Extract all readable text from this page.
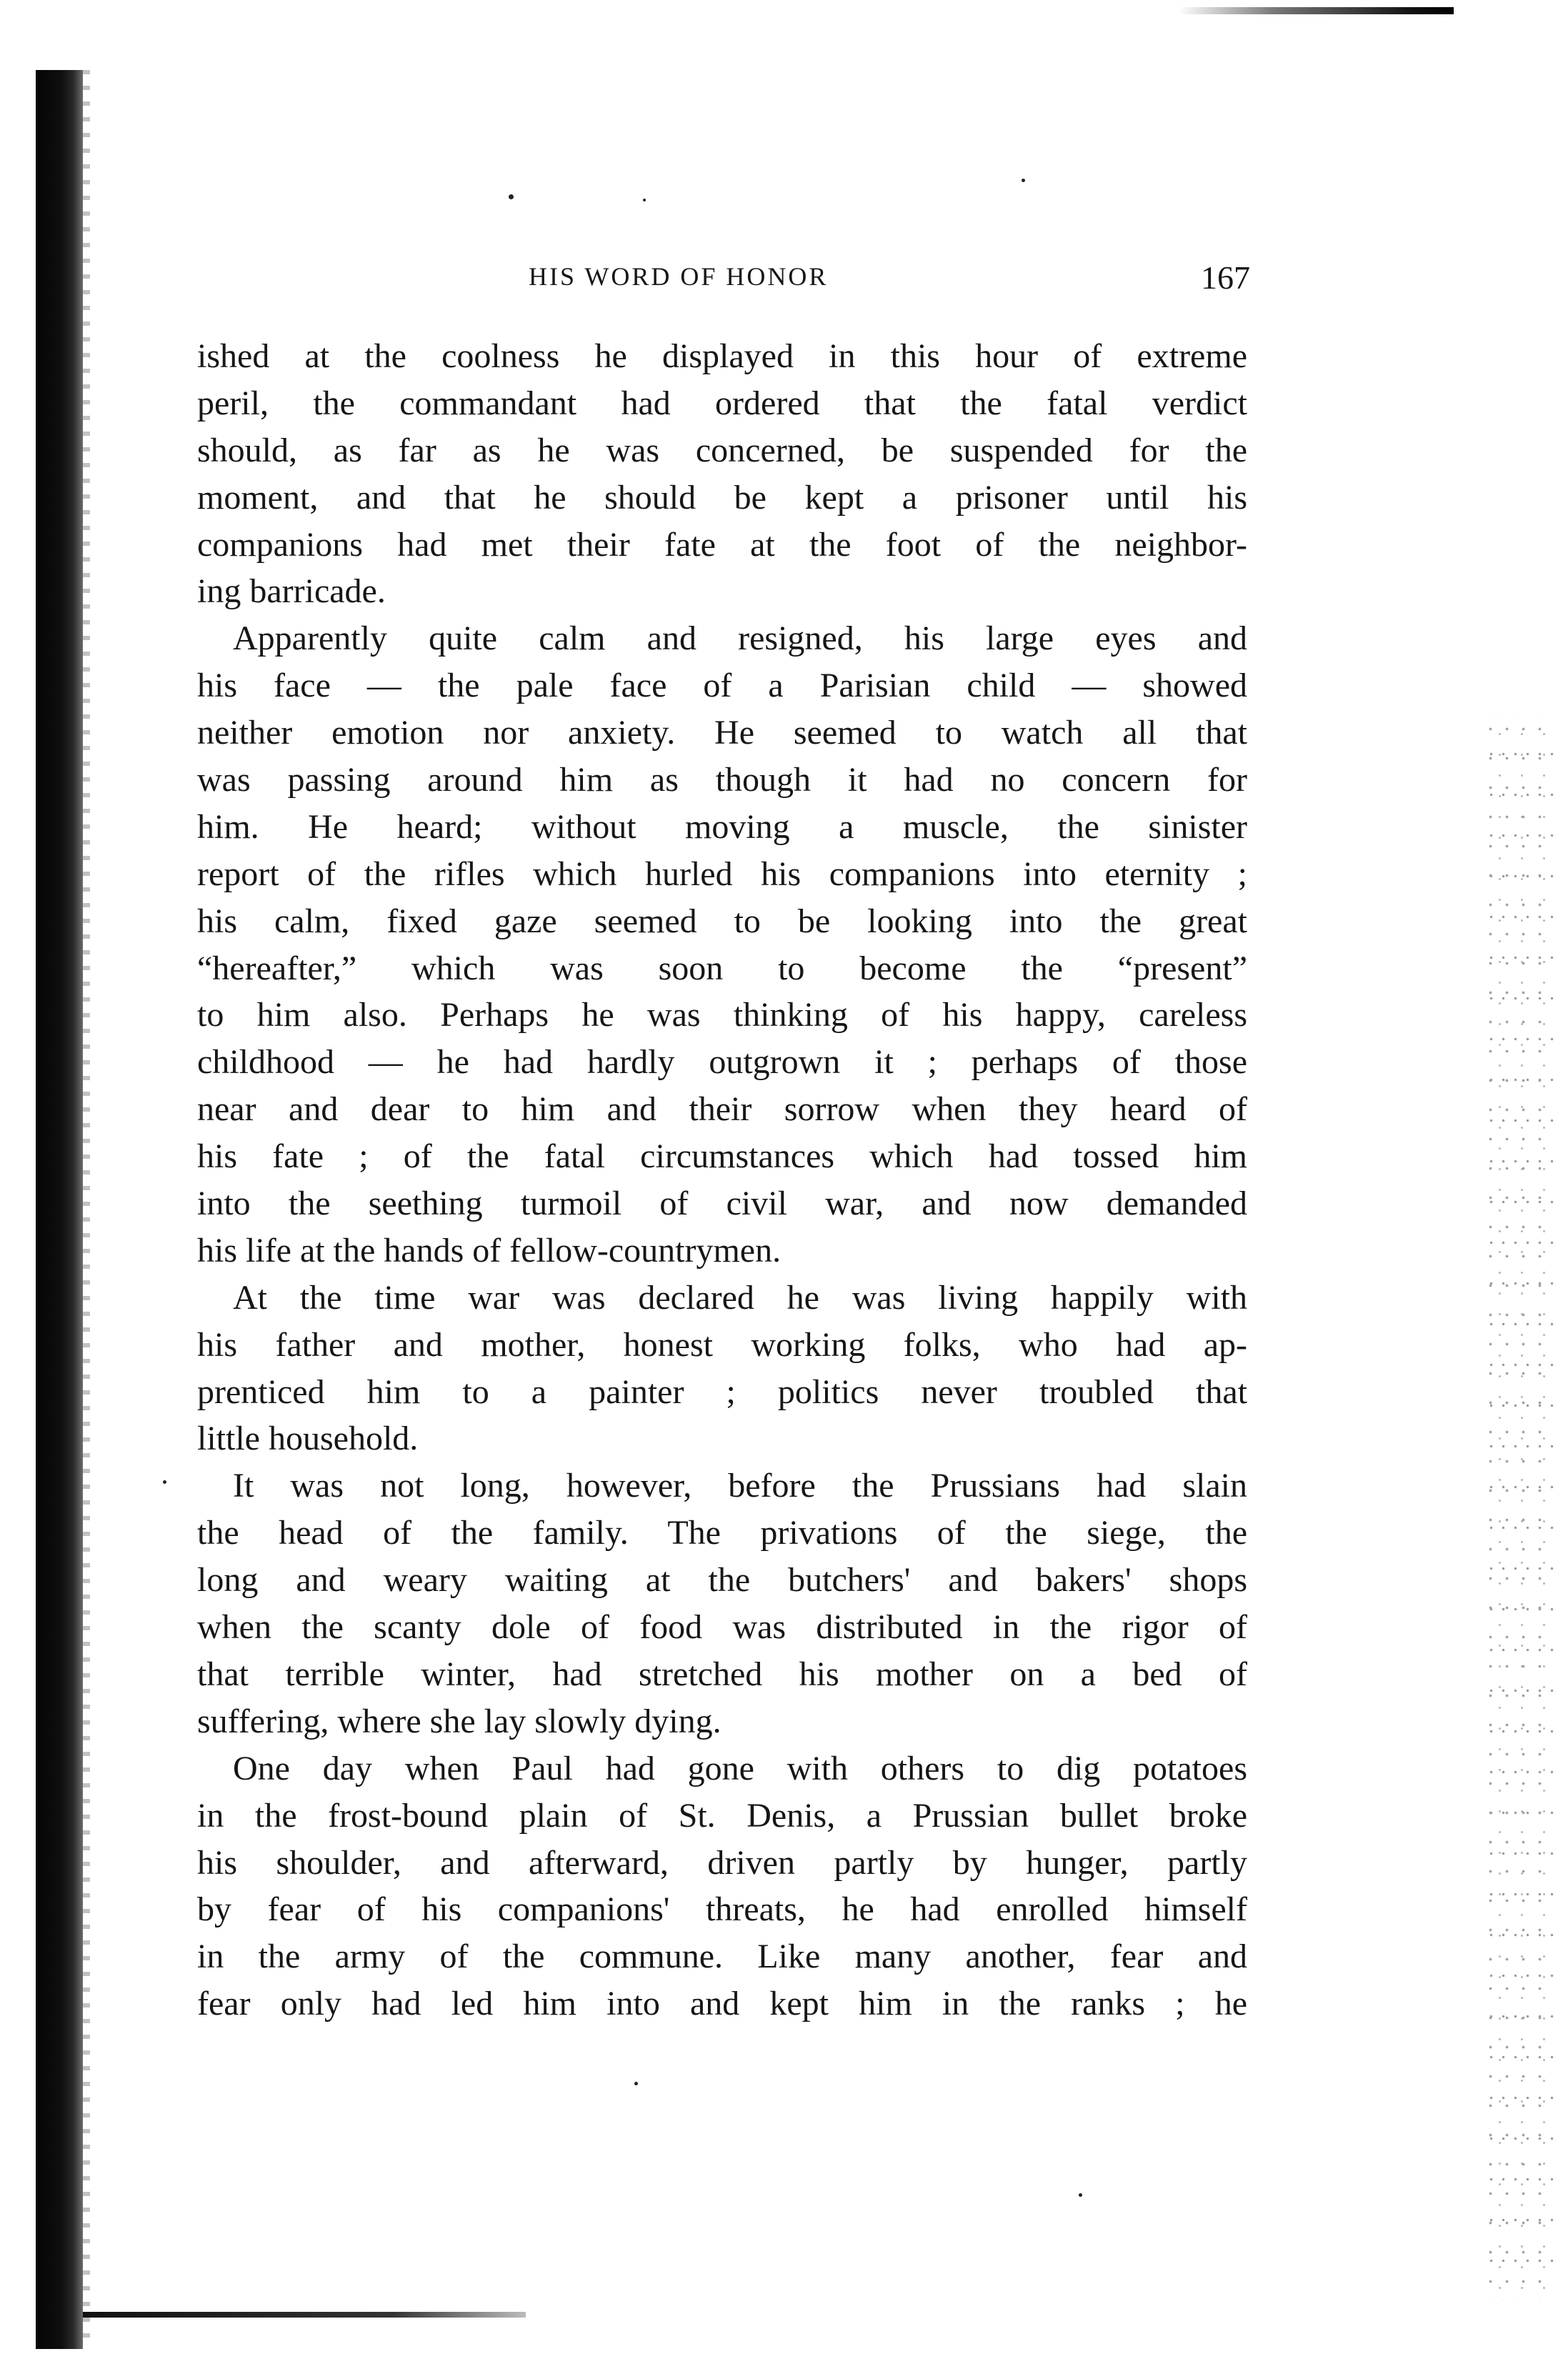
HIS WORD OF HONOR	167
ished at the coolness he displayed in this hour of extreme
peril, the commandant had ordered that the fatal verdict
should, as far as he was concerned, be suspended for the
moment, and that he should be kept a prisoner until his
companions had met their fate at the foot of the neighbor-
ing barricade.
Apparently quite calm and resigned, his large eyes and
his face — the pale face of a Parisian child — showed
neither emotion nor anxiety. He seemed to watch all that
was passing around him as though it had no concern for
him. He heard; without moving a muscle, the sinister
report of the rifles which hurled his companions into eternity ;
his calm, fixed gaze seemed to be looking into the great
“hereafter,” which was soon to become the “present”
to him also. Perhaps he was thinking of his happy, careless
childhood — he had hardly outgrown it ; perhaps of those
near and dear to him and their sorrow when they heard of
his fate ; of the fatal circumstances which had tossed him
into the seething turmoil of civil war, and now demanded
his life at the hands of fellow-countrymen.
At the time war was declared he was living happily with
his father and mother, honest working folks, who had ap-
prenticed him to a painter ; politics never troubled that
little household.
It was not long, however, before the Prussians had slain
the head of the family. The privations of the siege, the
long and weary waiting at the butchers' and bakers' shops
when the scanty dole of food was distributed in the rigor of
that terrible winter, had stretched his mother on a bed of
suffering, where she lay slowly dying.
One day when Paul had gone with others to dig potatoes
in the frost-bound plain of St. Denis, a Prussian bullet broke
his shoulder, and afterward, driven partly by hunger, partly
by fear of his companions' threats, he had enrolled himself
in the army of the commune. Like many another, fear and
fear only had led him into and kept him in the ranks ; he
